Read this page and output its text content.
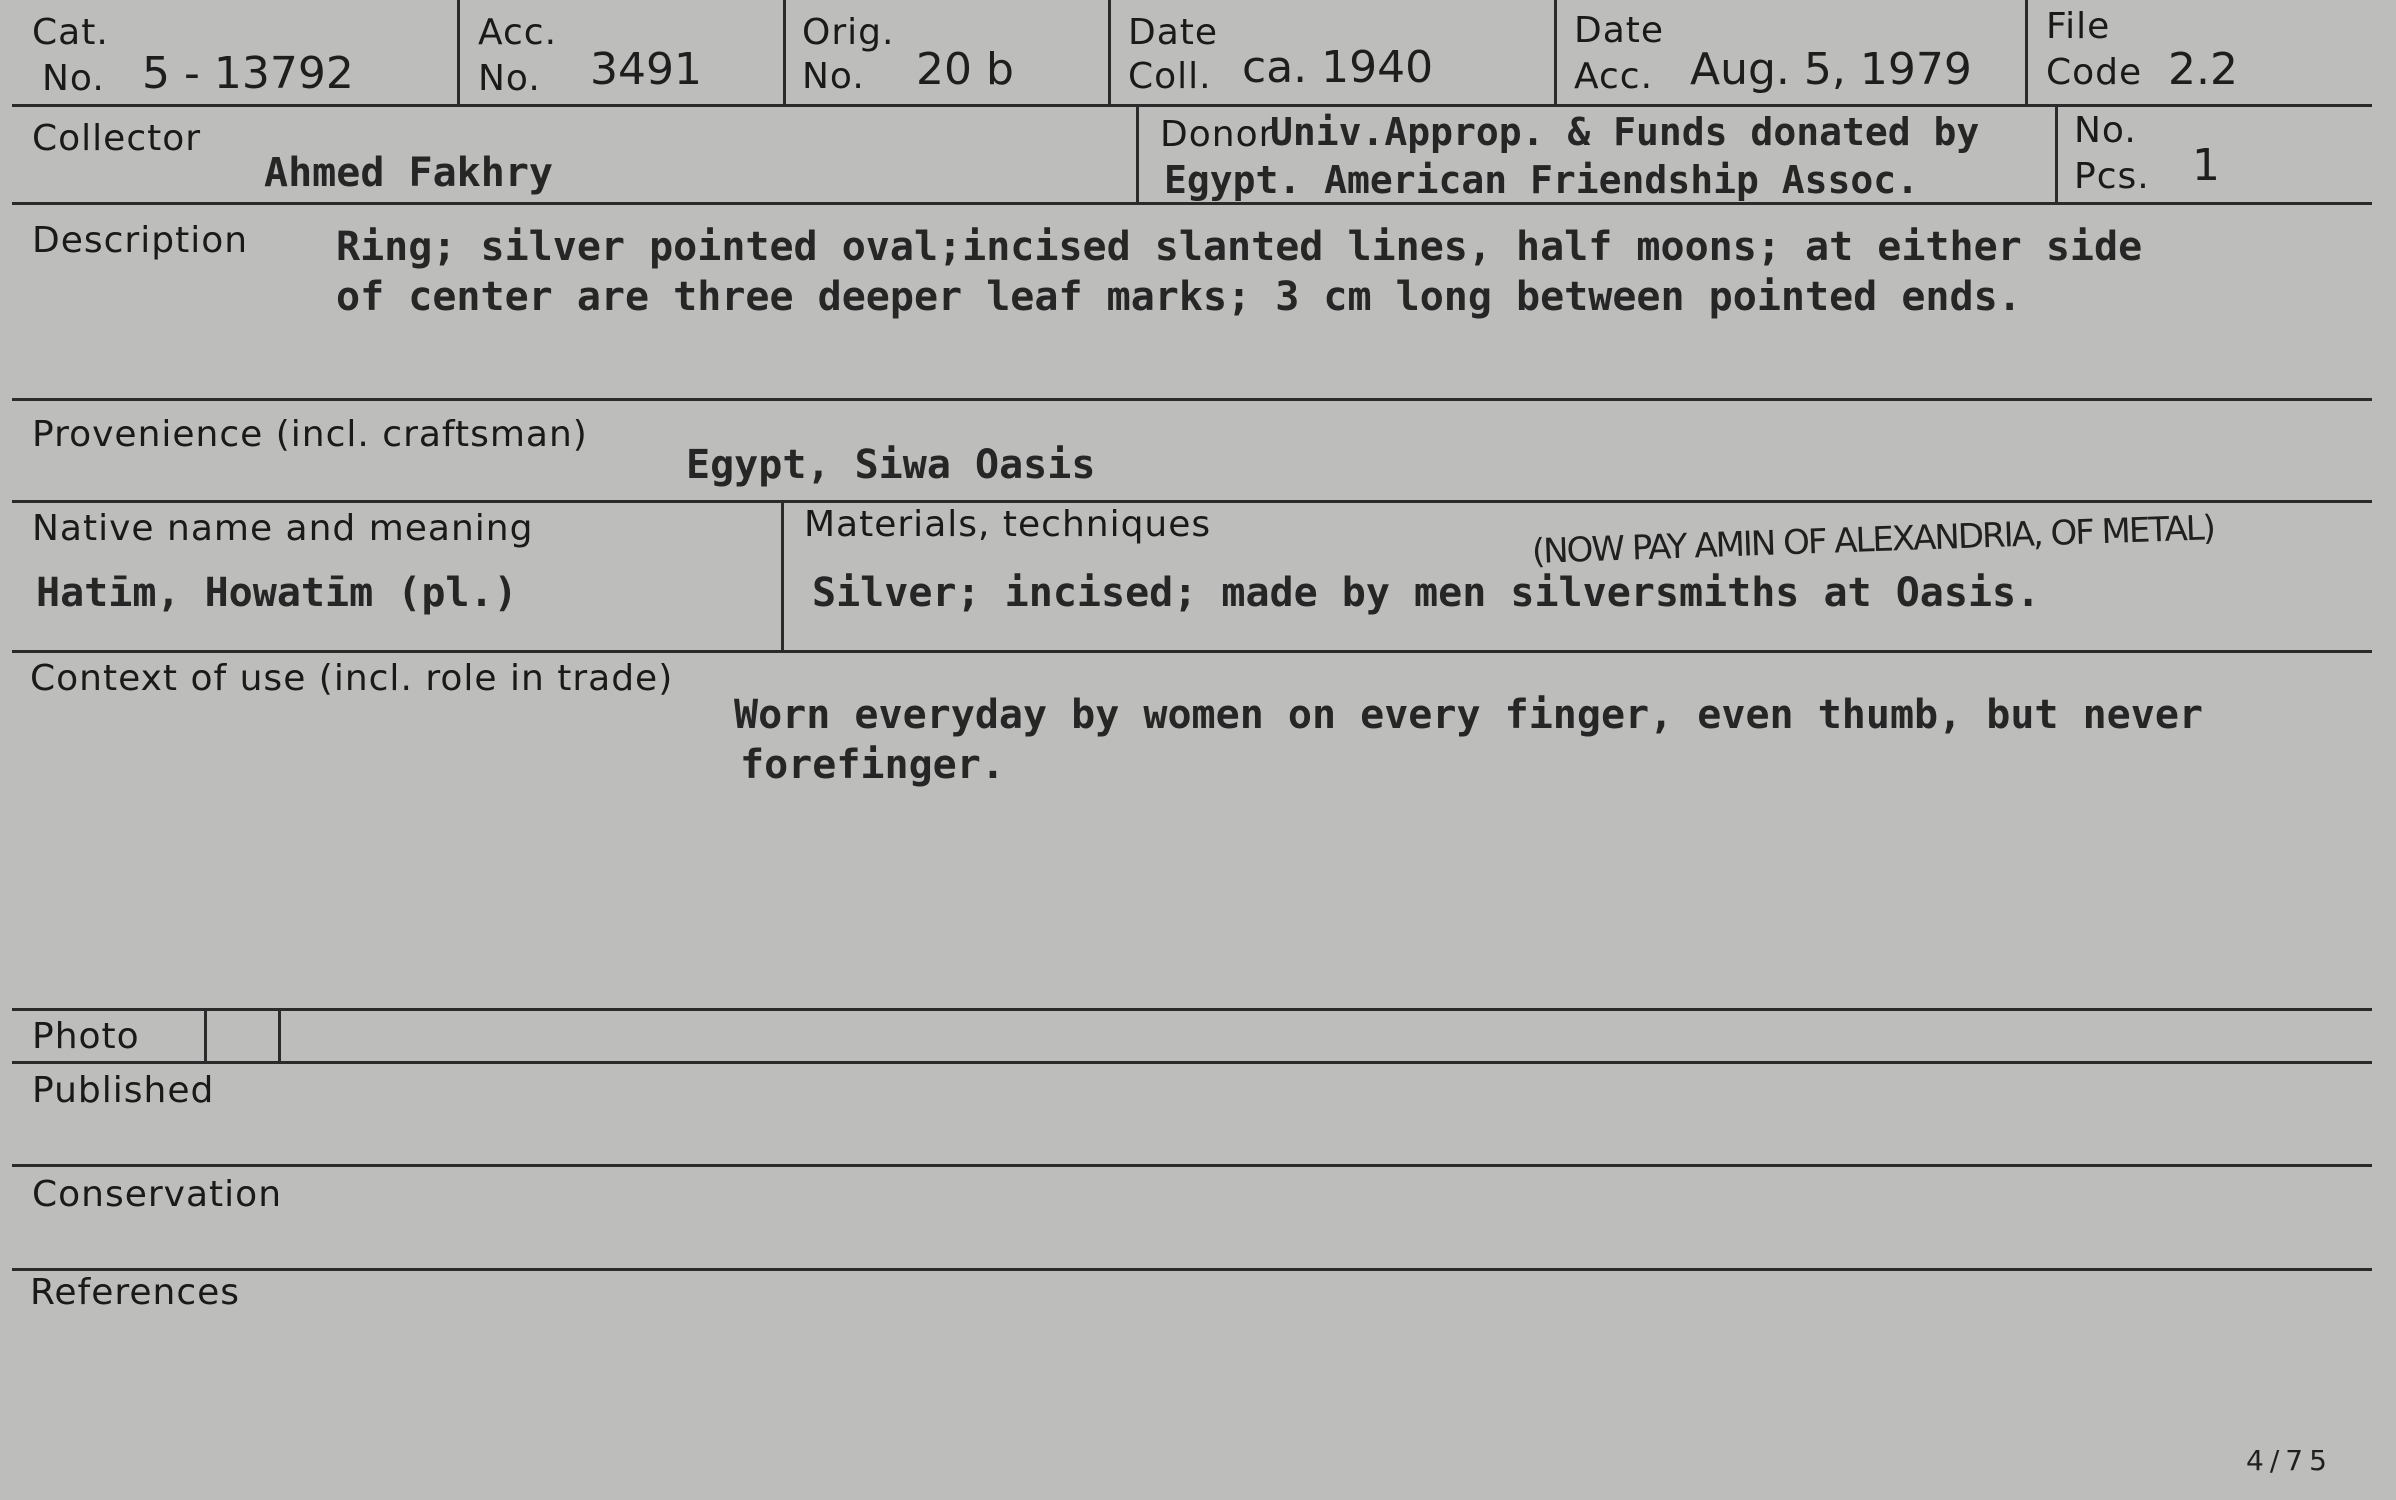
Cat.
No. 5 - 13792
Acc.
No. 3491
Orig.
No. 20 b
Date
Coll. ca. 1940
Date
Acc. Aug. 5, 1979
File
Code 2.2
Collector
Ahmed Fakhry
Donor
Univ.Approp. & Funds donated by
Egypt. American Friendship Assoc.
No.
Pcs. 1
Description Ring; silver pointed oval;incised slanted lines, half moons; at either side
of center are three deeper leaf marks; 3 cm long between pointed ends.
Provenience (incl. craftsman)
Egypt, Siwa Oasis
Native name and meaning
Hatīm, Howatīm (pl.)
Materials, techniques	(NOW PAY AMIN OF ALEXANDRIA, OF METAL)
Silver; incised; made by men silversmiths at Oasis.
Context of use (incl. role in trade)
Worn everyday by women on every finger, even thumb, but never
forefinger.
Photo
Published
Conservation
References
4/75
